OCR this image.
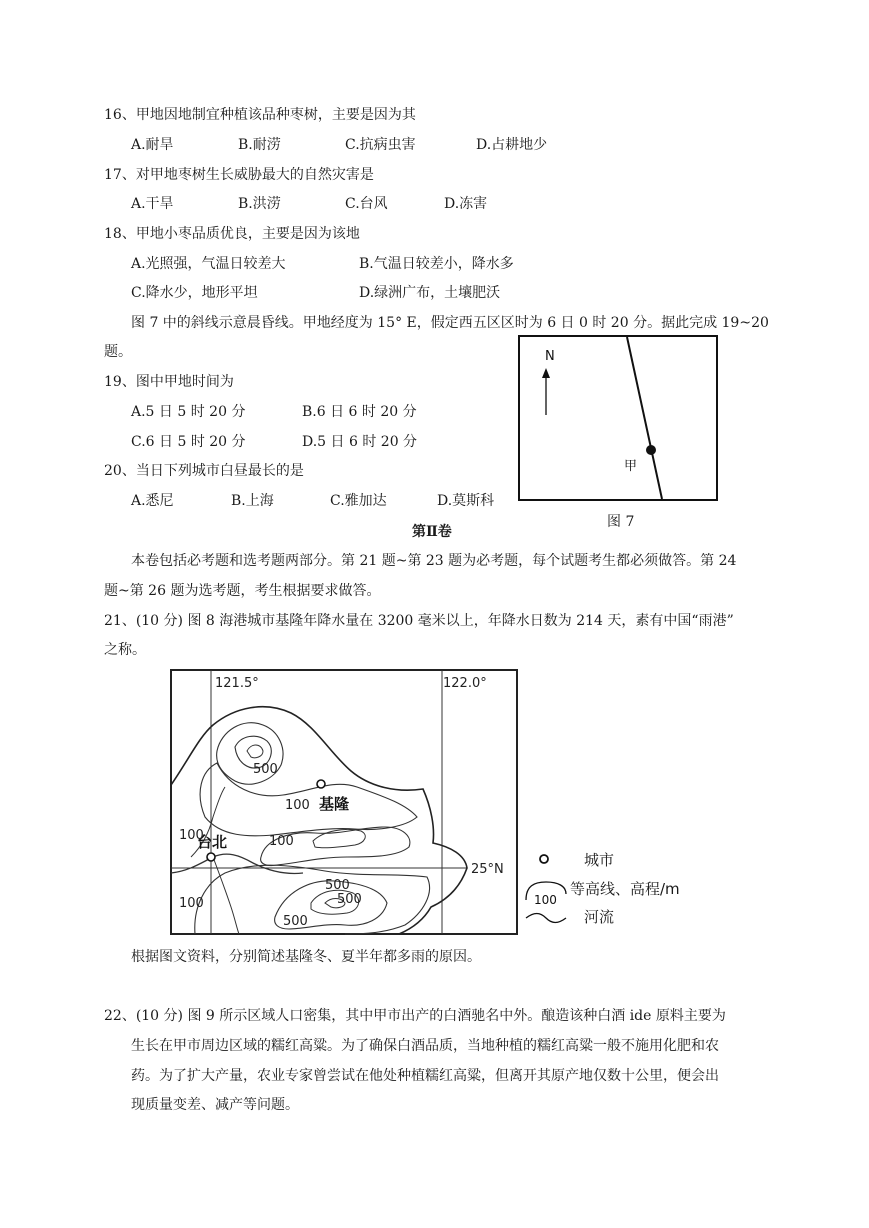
16、甲地因地制宜种植该品种枣树，主要是因为其
A.耐旱	B.耐涝	C.抗病虫害	D.占耕地少
17、对甲地枣树生长威胁最大的自然灾害是
A.干旱	B.洪涝	C.台风	D.冻害
18、甲地小枣品质优良，主要是因为该地
A.光照强，气温日较差大	B.气温日较差小，降水多
C.降水少，地形平坦	D.绿洲广布，土壤肥沃
图 7 中的斜线示意晨昏线。甲地经度为 15° E，假定西五区区时为 6 日 0 时 20 分。据此完成 19~20
题。
19、图中甲地时间为
A.5 日 5 时 20 分	B.6 日 6 时 20 分
C.6 日 5 时 20 分	D.5 日 6 时 20 分
20、当日下列城市白昼最长的是
A.悉尼	B.上海	C.雅加达	D.莫斯科
N
甲
图 7
第Ⅱ卷
本卷包括必考题和选考题两部分。第 21 题~第 23 题为必考题，每个试题考生都必须做答。第 24
题~第 26 题为选考题，考生根据要求做答。
21、(10 分) 图 8 海港城市基隆年降水量在 3200 毫米以上，年降水日数为 214 天，素有中国“雨港”
之称。
121.5°	122.0°
25°N
基隆
台北
500
100
100
100
500
500
100
500
100
城市
等高线、高程/m
河流
根据图文资料，分别简述基隆冬、夏半年都多雨的原因。
22、(10 分) 图 9 所示区域人口密集，其中甲市出产的白酒驰名中外。酿造该种白酒 ide 原料主要为
生长在甲市周边区域的糯红高粱。为了确保白酒品质，当地种植的糯红高粱一般不施用化肥和农
药。为了扩大产量，农业专家曾尝试在他处种植糯红高粱，但离开其原产地仅数十公里，便会出
现质量变差、减产等问题。
